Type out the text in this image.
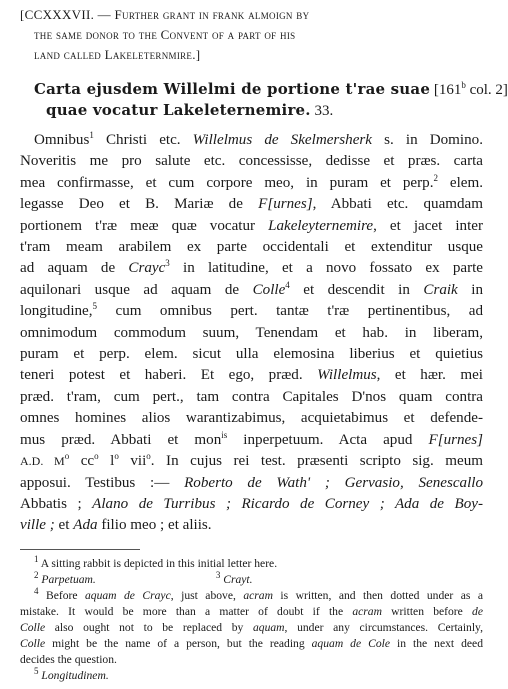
[CCXXXVII. — Further grant in frank almoign by
the same donor to the Convent of a part of his
land called Lakeleternmire.]
Carta ejusdem Willelmi de portione t'rae suae [161$^b$ col. 2]
quae vocatur Lakeleternemire. 33.
Omnibus$^1$ Christi etc. Willelmus de Skelmersherk s. in Domino.
Noveritis me pro salute etc. concessisse, dedisse et præs. carta
mea confirmasse, et cum corpore meo, in puram et perp.$^2$ elem.
legasse Deo et B. Mariæ de F[urnes], Abbati etc. quamdam
portionem t'ræ meæ quæ vocatur Lakeleyternemire, et jacet inter
t'ram meam arabilem ex parte occidentali et extenditur usque
ad aquam de Crayc$^3$ in latitudine, et a novo fossato ex parte
aquilonari usque ad aquam de Colle$^4$ et descendit in Craik in
longitudine,$^5$ cum omnibus pert. tantæ t'ræ pertinentibus, ad
omnimodum commodum suum, Tenendam et hab. in liberam,
puram et perp. elem. sicut ulla elemosina liberius et quietius
teneri potest et haberi. Et ego, præd. Willelmus, et hær. mei
præd. t'ram, cum pert., tam contra Capitales D'nos quam contra
omnes homines alios warantizabimus, acquietabimus et defende-
mus præd. Abbati et mon$^{is}$ inperpetuum. Acta apud F[urnes]
A.D. $M^o$ $cc^o$ $l^o$ vii$^o$. In cujus rei test. præsenti scripto sig. meum
apposui. Testibus :— Roberto de Wath' ; Gervasio, Senescallo
Abbatis ; Alano de Turribus ; Ricardo de Corney ; Ada de Boy-
ville ; et Ada filio meo ; et aliis.
$^1$ A sitting rabbit is depicted in this initial letter here.
$^2$ Parpetuam.	$^3$ Crayt.
$^4$ Before aquam de Crayc, just above, acram is written, and then dotted under as a
mistake. It would be more than a matter of doubt if the acram written before de
Colle also ought not to be replaced by aquam, under any circumstances. Certainly,
Colle might be the name of a person, but the reading aquam de Cole in the next deed
decides the question.
$^5$ Longitudinem.
